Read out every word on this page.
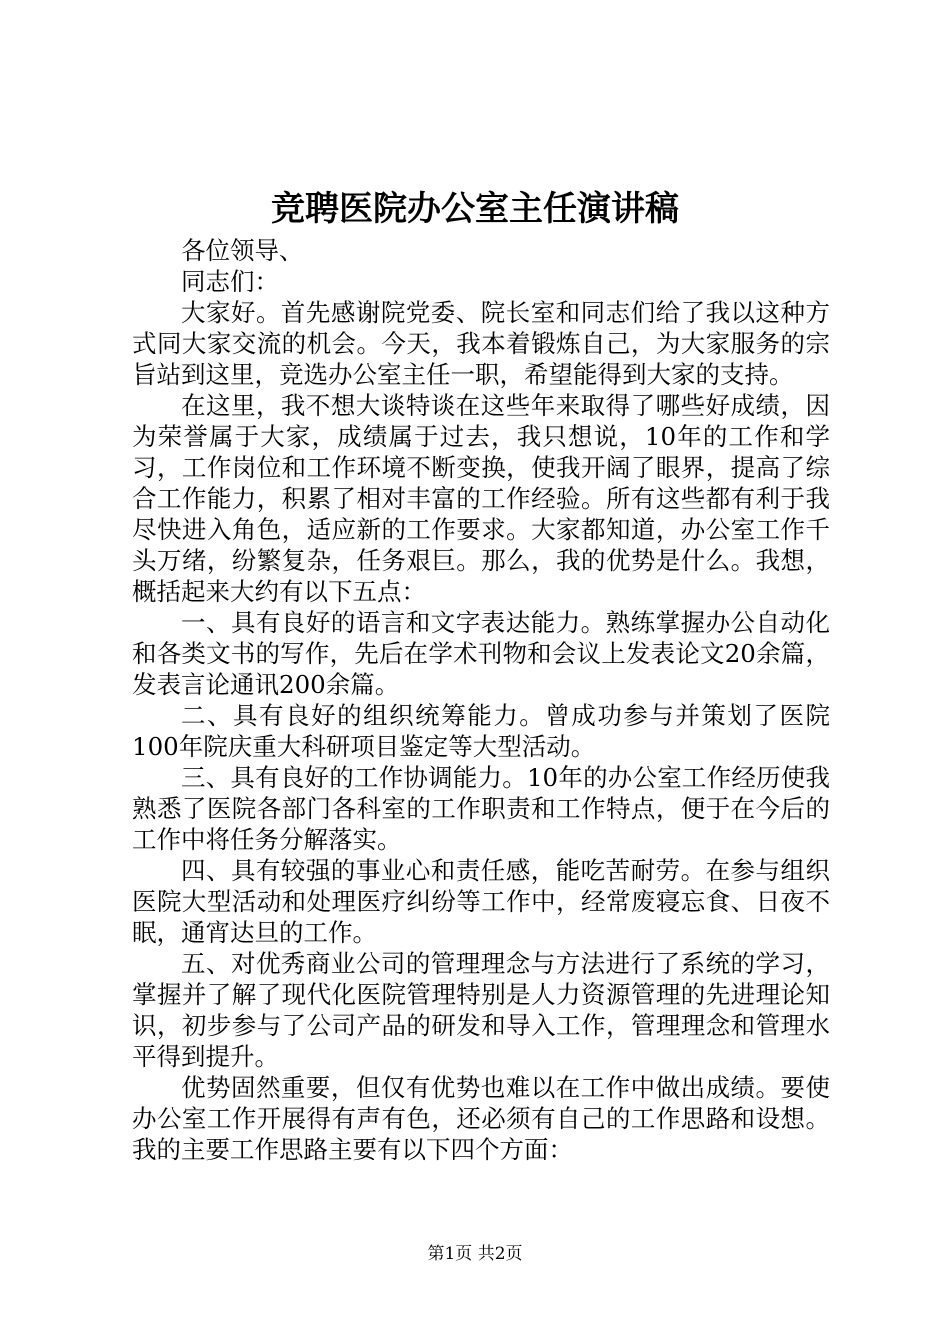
竞聘医院办公室主任演讲稿

各位领导、

同志们：

大家好。首先感谢院党委、院长室和同志们给了我以这种方式同大家交流的机会。今天，我本着锻炼自己，为大家服务的宗旨站到这里，竞选办公室主任一职，希望能得到大家的支持。

在这里，我不想大谈特谈在这些年来取得了哪些好成绩，因为荣誉属于大家，成绩属于过去，我只想说，10年的工作和学习，工作岗位和工作环境不断变换，使我开阔了眼界，提高了综合工作能力，积累了相对丰富的工作经验。所有这些都有利于我尽快进入角色，适应新的工作要求。大家都知道，办公室工作千头万绪，纷繁复杂，任务艰巨。那么，我的优势是什么。我想，概括起来大约有以下五点：

一、具有良好的语言和文字表达能力。熟练掌握办公自动化和各类文书的写作，先后在学术刊物和会议上发表论文20余篇，发表言论通讯200余篇。

二、具有良好的组织统筹能力。曾成功参与并策划了医院100年院庆重大科研项目鉴定等大型活动。

三、具有良好的工作协调能力。10年的办公室工作经历使我熟悉了医院各部门各科室的工作职责和工作特点，便于在今后的工作中将任务分解落实。

四、具有较强的事业心和责任感，能吃苦耐劳。在参与组织医院大型活动和处理医疗纠纷等工作中，经常废寝忘食、日夜不眠，通宵达旦的工作。

五、对优秀商业公司的管理理念与方法进行了系统的学习，掌握并了解了现代化医院管理特别是人力资源管理的先进理论知识，初步参与了公司产品的研发和导入工作，管理理念和管理水平得到提升。

优势固然重要，但仅有优势也难以在工作中做出成绩。要使办公室工作开展得有声有色，还必须有自己的工作思路和设想。我的主要工作思路主要有以下四个方面：

第1页 共2页
